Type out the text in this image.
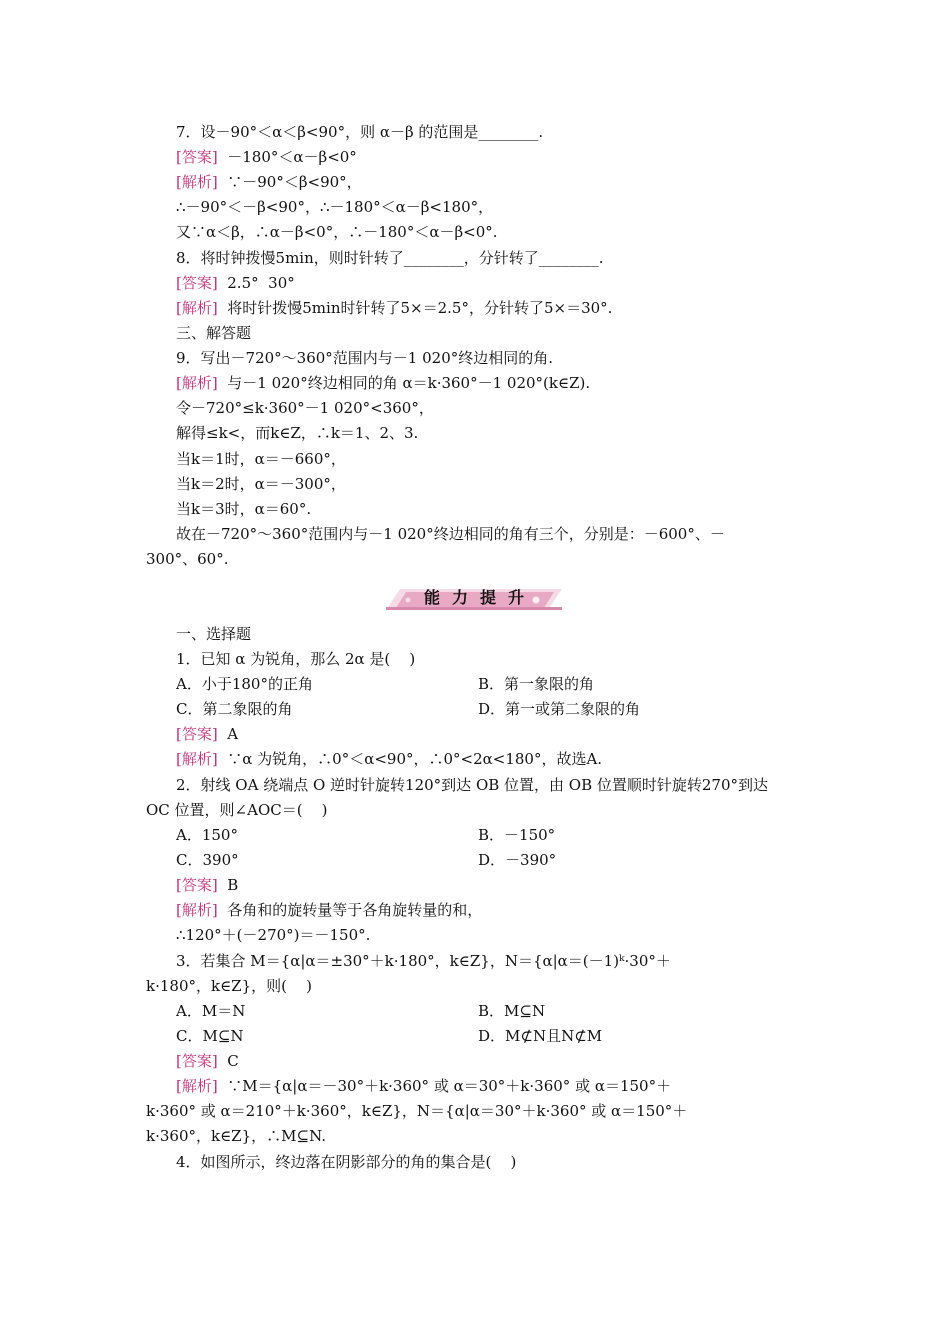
7．设－90°＜α＜β<90°，则 α－β 的范围是________.
[答案] －180°＜α－β<0°
[解析] ∵－90°＜β<90°，
∴－90°＜－β<90°，∴－180°＜α－β<180°，
又∵α＜β，∴α－β<0°，∴－180°＜α－β<0°.
8．将时钟拨慢5min，则时针转了________，分针转了________.
[答案] 2.5°  30°
[解析] 将时针拨慢5min时针转了5×＝2.5°，分针转了5×＝30°.
三、解答题
9．写出－720°～360°范围内与－1 020°终边相同的角.
[解析] 与－1 020°终边相同的角 α＝k·360°－1 020°(k∈Z).
令－720°≤k·360°－1 020°<360°，
解得≤k<，而k∈Z，∴k＝1、2、3.
当k＝1时，α＝－660°，
当k＝2时，α＝－300°，
当k＝3时，α＝60°.
故在－720°～360°范围内与－1 020°终边相同的角有三个，分别是：－600°、－
300°、60°.
能力提升
一、选择题
1．已知 α 为锐角，那么 2α 是(    )
A．小于180°的正角	B．第一象限的角
C．第二象限的角	D．第一或第二象限的角
[答案] A
[解析] ∵α 为锐角，∴0°＜α<90°，∴0°<2α<180°，故选A.
2．射线 OA 绕端点 O 逆时针旋转120°到达 OB 位置，由 OB 位置顺时针旋转270°到达
OC 位置，则∠AOC＝(    )
A．150°	B．－150°
C．390°	D．－390°
[答案] B
[解析] 各角和的旋转量等于各角旋转量的和，
∴120°＋(－270°)＝－150°.
3．若集合 M＝{α|α＝±30°＋k·180°，k∈Z}，N＝{α|α＝(－1)ᵏ·30°＋
k·180°，k∈Z}，则(    )
A．M＝N	B．M⊆N
C．M⊆N	D．M⊄N且N⊄M
[答案] C
[解析] ∵M＝{α|α＝－30°＋k·360° 或 α＝30°＋k·360° 或 α＝150°＋
k·360° 或 α＝210°＋k·360°，k∈Z}，N＝{α|α＝30°＋k·360° 或 α＝150°＋
k·360°，k∈Z}，∴M⊆N.
4．如图所示，终边落在阴影部分的角的集合是(    )
